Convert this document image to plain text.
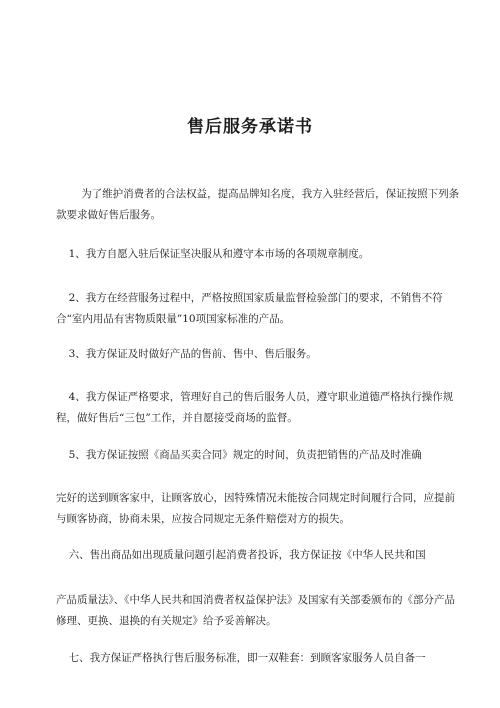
售后服务承诺书

为了维护消费者的合法权益，提高品牌知名度，我方入驻经营后，保证按照下列条款要求做好售后服务。

1、我方自愿入驻后保证坚决服从和遵守本市场的各项规章制度。

2、我方在经营服务过程中，严格按照国家质量监督检验部门的要求，不销售不符合“室内用品有害物质限量”10项国家标准的产品。

3、我方保证及时做好产品的售前、售中、售后服务。

4、我方保证严格要求，管理好自己的售后服务人员，遵守职业道德严格执行操作规程，做好售后“三包”工作，并自愿接受商场的监督。

5、我方保证按照《商品买卖合同》规定的时间，负责把销售的产品及时准确

完好的送到顾客家中，让顾客放心，因特殊情况未能按合同规定时间履行合同，应提前与顾客协商，协商未果，应按合同规定无条件赔偿对方的损失。

六、售出商品如出现质量问题引起消费者投诉，我方保证按《中华人民共和国

产品质量法》、《中华人民共和国消费者权益保护法》及国家有关部委颁布的《部分产品修理、更换、退换的有关规定》给予妥善解决。

七、我方保证严格执行售后服务标准，即一双鞋套：到顾客家服务人员自备一
